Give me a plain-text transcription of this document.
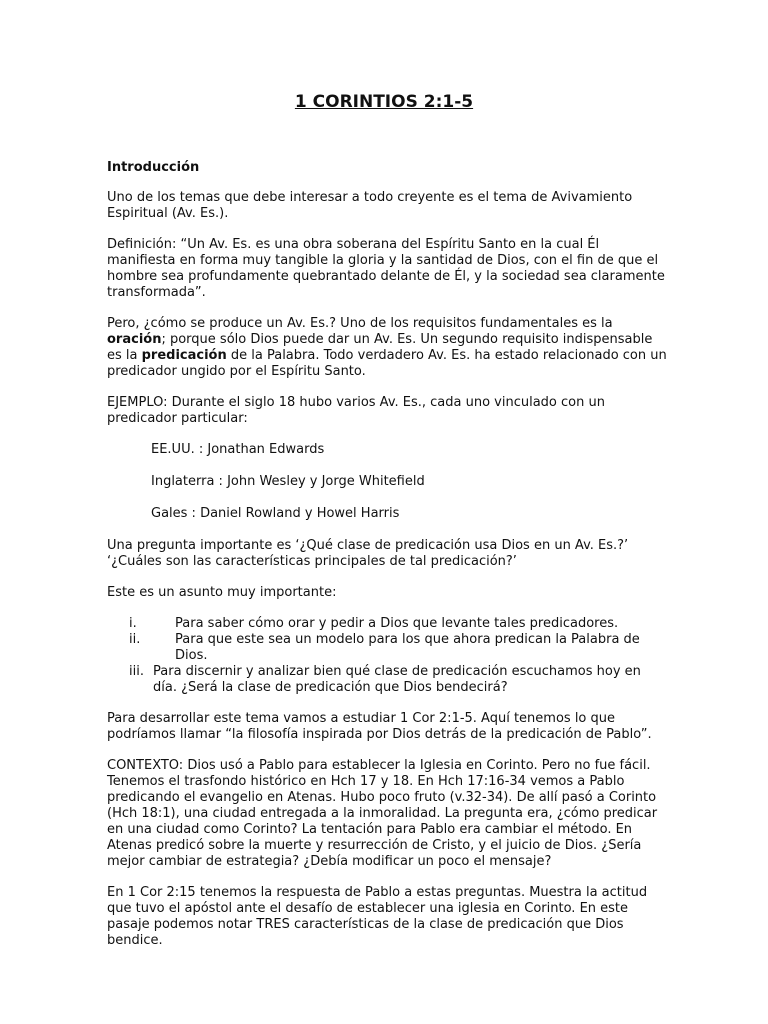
1 CORINTIOS 2:1-5

Introducción

Uno de los temas que debe interesar a todo creyente es el tema de Avivamiento Espiritual (Av. Es.).

Definición: “Un Av. Es. es una obra soberana del Espíritu Santo en la cual Él manifiesta en forma muy tangible la gloria y la santidad de Dios, con el fin de que el hombre sea profundamente quebrantado delante de Él, y la sociedad sea claramente transformada”.

Pero, ¿cómo se produce un Av. Es.? Uno de los requisitos fundamentales es la oración; porque sólo Dios puede dar un Av. Es. Un segundo requisito indispensable es la predicación de la Palabra. Todo verdadero Av. Es. ha estado relacionado con un predicador ungido por el Espíritu Santo.

EJEMPLO: Durante el siglo 18 hubo varios Av. Es., cada uno vinculado con un predicador particular:

EE.UU. : Jonathan Edwards

Inglaterra : John Wesley y Jorge Whitefield

Gales : Daniel Rowland y Howel Harris

Una pregunta importante es ‘¿Qué clase de predicación usa Dios en un Av. Es.?’ ‘¿Cuáles son las características principales de tal predicación?’

Este es un asunto muy importante:

i.	Para saber cómo orar y pedir a Dios que levante tales predicadores.
ii.	Para que este sea un modelo para los que ahora predican la Palabra de Dios.
iii. Para discernir y analizar bien qué clase de predicación escuchamos hoy en día. ¿Será la clase de predicación que Dios bendecirá?

Para desarrollar este tema vamos a estudiar 1 Cor 2:1-5. Aquí tenemos lo que podríamos llamar “la filosofía inspirada por Dios detrás de la predicación de Pablo”.

CONTEXTO: Dios usó a Pablo para establecer la Iglesia en Corinto. Pero no fue fácil. Tenemos el trasfondo histórico en Hch 17 y 18. En Hch 17:16-34 vemos a Pablo predicando el evangelio en Atenas. Hubo poco fruto (v.32-34). De allí pasó a Corinto (Hch 18:1), una ciudad entregada a la inmoralidad. La pregunta era, ¿cómo predicar en una ciudad como Corinto? La tentación para Pablo era cambiar el método. En Atenas predicó sobre la muerte y resurrección de Cristo, y el juicio de Dios. ¿Sería mejor cambiar de estrategia? ¿Debía modificar un poco el mensaje?

En 1 Cor 2:15 tenemos la respuesta de Pablo a estas preguntas. Muestra la actitud que tuvo el apóstol ante el desafío de establecer una iglesia en Corinto. En este pasaje podemos notar TRES características de la clase de predicación que Dios bendice.
